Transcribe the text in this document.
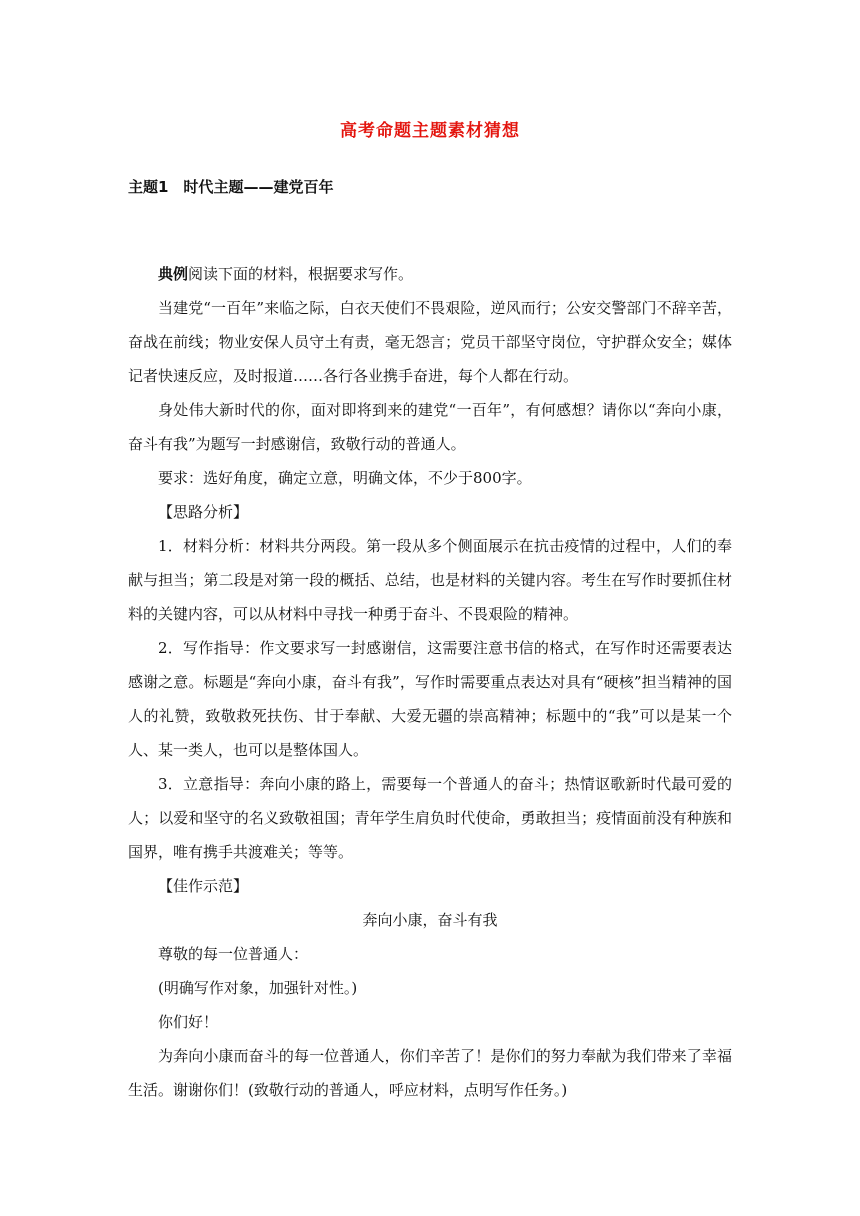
高考命题主题素材猜想
主题1　时代主题——建党百年

典例阅读下面的材料，根据要求写作。

当建党“一百年”来临之际，白衣天使们不畏艰险，逆风而行；公安交警部门不辞辛苦，奋战在前线；物业安保人员守土有责，毫无怨言；党员干部坚守岗位，守护群众安全；媒体记者快速反应，及时报道……各行各业携手奋进，每个人都在行动。

身处伟大新时代的你，面对即将到来的建党“一百年”，有何感想？请你以“奔向小康，奋斗有我”为题写一封感谢信，致敬行动的普通人。

要求：选好角度，确定立意，明确文体，不少于800字。

【思路分析】

1．材料分析：材料共分两段。第一段从多个侧面展示在抗击疫情的过程中，人们的奉献与担当；第二段是对第一段的概括、总结，也是材料的关键内容。考生在写作时要抓住材料的关键内容，可以从材料中寻找一种勇于奋斗、不畏艰险的精神。

2．写作指导：作文要求写一封感谢信，这需要注意书信的格式，在写作时还需要表达感谢之意。标题是“奔向小康，奋斗有我”，写作时需要重点表达对具有“硬核”担当精神的国人的礼赞，致敬救死扶伤、甘于奉献、大爱无疆的崇高精神；标题中的“我”可以是某一个人、某一类人，也可以是整体国人。

3．立意指导：奔向小康的路上，需要每一个普通人的奋斗；热情讴歌新时代最可爱的人；以爱和坚守的名义致敬祖国；青年学生肩负时代使命，勇敢担当；疫情面前没有种族和国界，唯有携手共渡难关；等等。

【佳作示范】

奔向小康，奋斗有我

尊敬的每一位普通人：

(明确写作对象，加强针对性。)

你们好！

为奔向小康而奋斗的每一位普通人，你们辛苦了！是你们的努力奉献为我们带来了幸福生活。谢谢你们！(致敬行动的普通人，呼应材料，点明写作任务。)
